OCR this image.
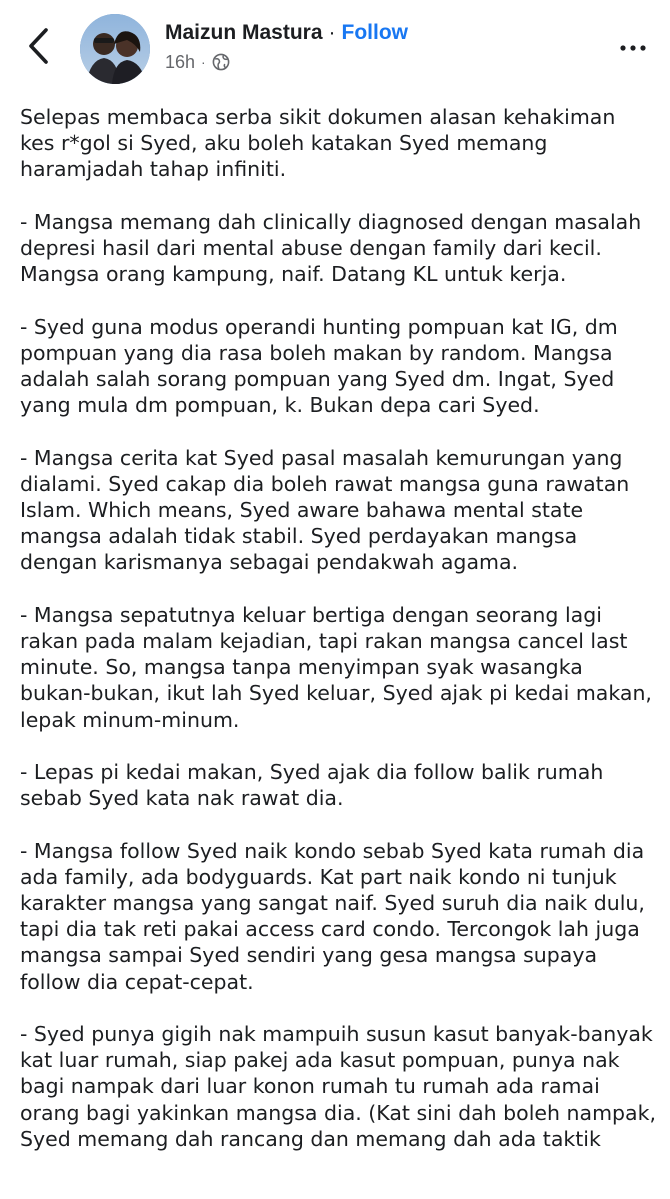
Maizun Mastura · Follow
16h ·

Selepas membaca serba sikit dokumen alasan kehakiman
kes r*gol si Syed, aku boleh katakan Syed memang
haramjadah tahap infiniti.

- Mangsa memang dah clinically diagnosed dengan masalah
depresi hasil dari mental abuse dengan family dari kecil.
Mangsa orang kampung, naif. Datang KL untuk kerja.

- Syed guna modus operandi hunting pompuan kat IG, dm
pompuan yang dia rasa boleh makan by random. Mangsa
adalah salah sorang pompuan yang Syed dm. Ingat, Syed
yang mula dm pompuan, k. Bukan depa cari Syed.

- Mangsa cerita kat Syed pasal masalah kemurungan yang
dialami. Syed cakap dia boleh rawat mangsa guna rawatan
Islam. Which means, Syed aware bahawa mental state
mangsa adalah tidak stabil. Syed perdayakan mangsa
dengan karismanya sebagai pendakwah agama.

- Mangsa sepatutnya keluar bertiga dengan seorang lagi
rakan pada malam kejadian, tapi rakan mangsa cancel last
minute. So, mangsa tanpa menyimpan syak wasangka
bukan-bukan, ikut lah Syed keluar, Syed ajak pi kedai makan,
lepak minum-minum.

- Lepas pi kedai makan, Syed ajak dia follow balik rumah
sebab Syed kata nak rawat dia.

- Mangsa follow Syed naik kondo sebab Syed kata rumah dia
ada family, ada bodyguards. Kat part naik kondo ni tunjuk
karakter mangsa yang sangat naif. Syed suruh dia naik dulu,
tapi dia tak reti pakai access card condo. Tercongok lah juga
mangsa sampai Syed sendiri yang gesa mangsa supaya
follow dia cepat-cepat.

- Syed punya gigih nak mampuih susun kasut banyak-banyak
kat luar rumah, siap pakej ada kasut pompuan, punya nak
bagi nampak dari luar konon rumah tu rumah ada ramai
orang bagi yakinkan mangsa dia. (Kat sini dah boleh nampak,
Syed memang dah rancang dan memang dah ada taktik
